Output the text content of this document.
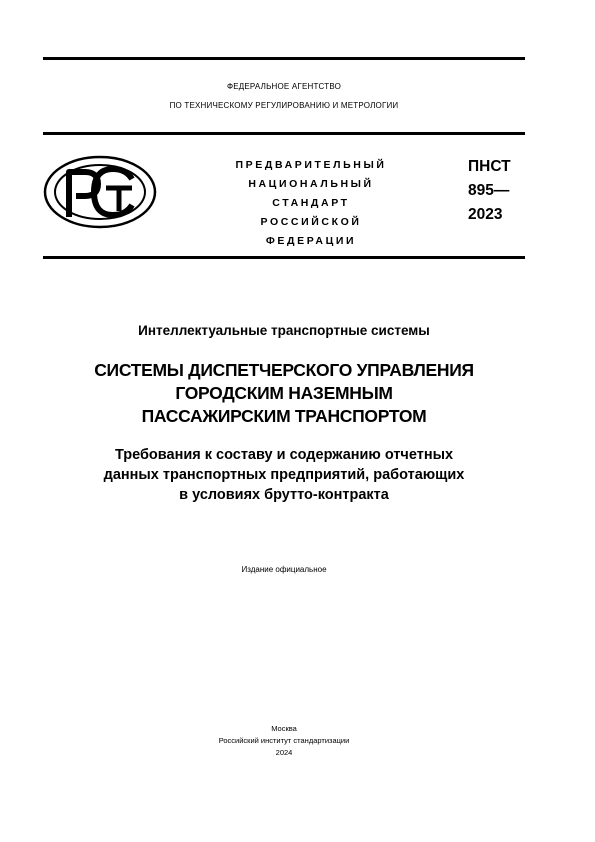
ФЕДЕРАЛЬНОЕ АГЕНТСТВО
ПО ТЕХНИЧЕСКОМУ РЕГУЛИРОВАНИЮ И МЕТРОЛОГИИ
ПРЕДВАРИТЕЛЬНЫЙ
НАЦИОНАЛЬНЫЙ
СТАНДАРТ
РОССИЙСКОЙ
ФЕДЕРАЦИИ
ПНСТ
895—
2023
Интеллектуальные транспортные системы
СИСТЕМЫ ДИСПЕТЧЕРСКОГО УПРАВЛЕНИЯ
ГОРОДСКИМ НАЗЕМНЫМ
ПАССАЖИРСКИМ ТРАНСПОРТОМ
Требования к составу и содержанию отчетных
данных транспортных предприятий, работающих
в условиях брутто-контракта
Издание официальное
Москва
Российский институт стандартизации
2024
